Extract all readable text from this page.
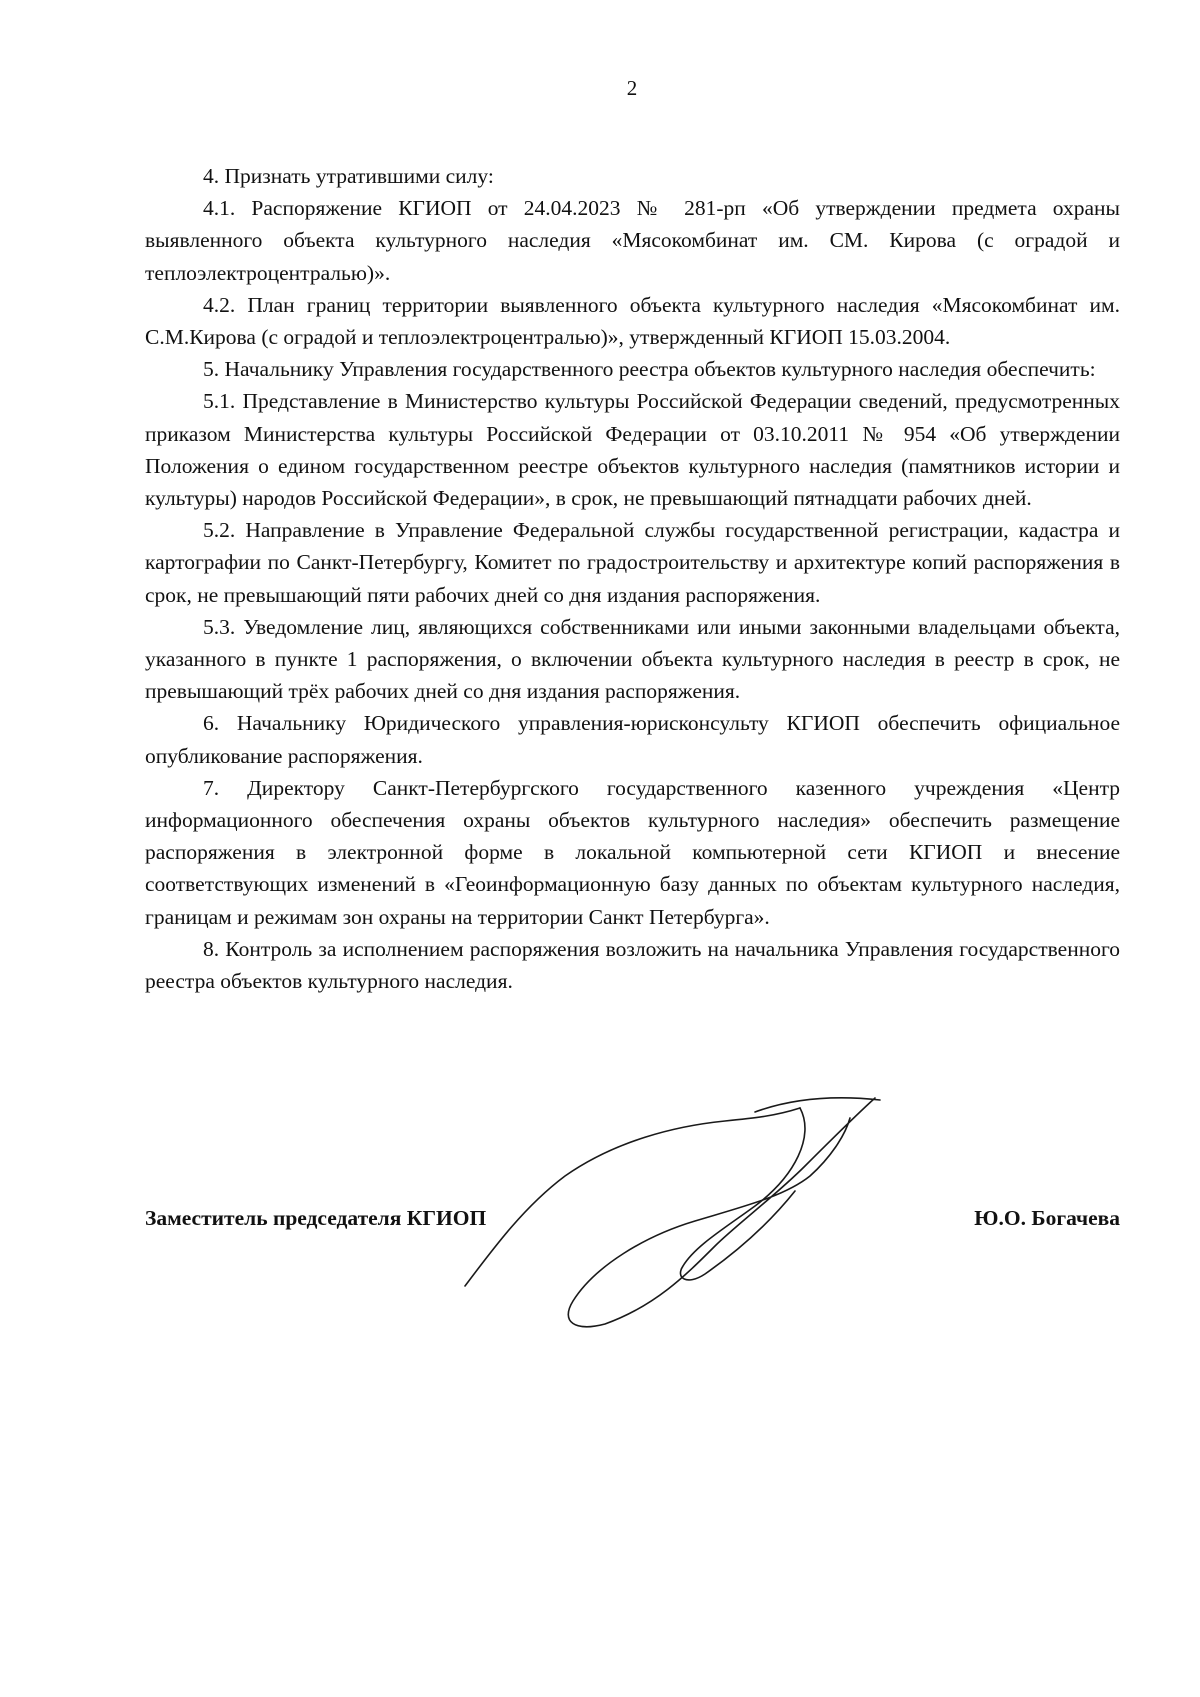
2

4. Признать утратившими силу:

4.1. Распоряжение КГИОП от 24.04.2023 № 281-рп «Об утверждении предмета охраны выявленного объекта культурного наследия «Мясокомбинат им. СМ. Кирова (с оградой и теплоэлектроцентралью)».

4.2. План границ территории выявленного объекта культурного наследия «Мясокомбинат им. С.М.Кирова (с оградой и теплоэлектроцентралью)», утвержденный КГИОП 15.03.2004.

5. Начальнику Управления государственного реестра объектов культурного наследия обеспечить:

5.1. Представление в Министерство культуры Российской Федерации сведений, предусмотренных приказом Министерства культуры Российской Федерации от 03.10.2011 № 954 «Об утверждении Положения о едином государственном реестре объектов культурного наследия (памятников истории и культуры) народов Российской Федерации», в срок, не превышающий пятнадцати рабочих дней.

5.2. Направление в Управление Федеральной службы государственной регистрации, кадастра и картографии по Санкт-Петербургу, Комитет по градостроительству и архитектуре копий распоряжения в срок, не превышающий пяти рабочих дней со дня издания распоряжения.

5.3. Уведомление лиц, являющихся собственниками или иными законными владельцами объекта, указанного в пункте 1 распоряжения, о включении объекта культурного наследия в реестр в срок, не превышающий трёх рабочих дней со дня издания распоряжения.

6. Начальнику Юридического управления-юрисконсульту КГИОП обеспечить официальное опубликование распоряжения.

7. Директору Санкт-Петербургского государственного казенного учреждения «Центр информационного обеспечения охраны объектов культурного наследия» обеспечить размещение распоряжения в электронной форме в локальной компьютерной сети КГИОП и внесение соответствующих изменений в «Геоинформационную базу данных по объектам культурного наследия, границам и режимам зон охраны на территории Санкт Петербурга».

8. Контроль за исполнением распоряжения возложить на начальника Управления государственного реестра объектов культурного наследия.

Заместитель председателя КГИОП	Ю.О. Богачева
